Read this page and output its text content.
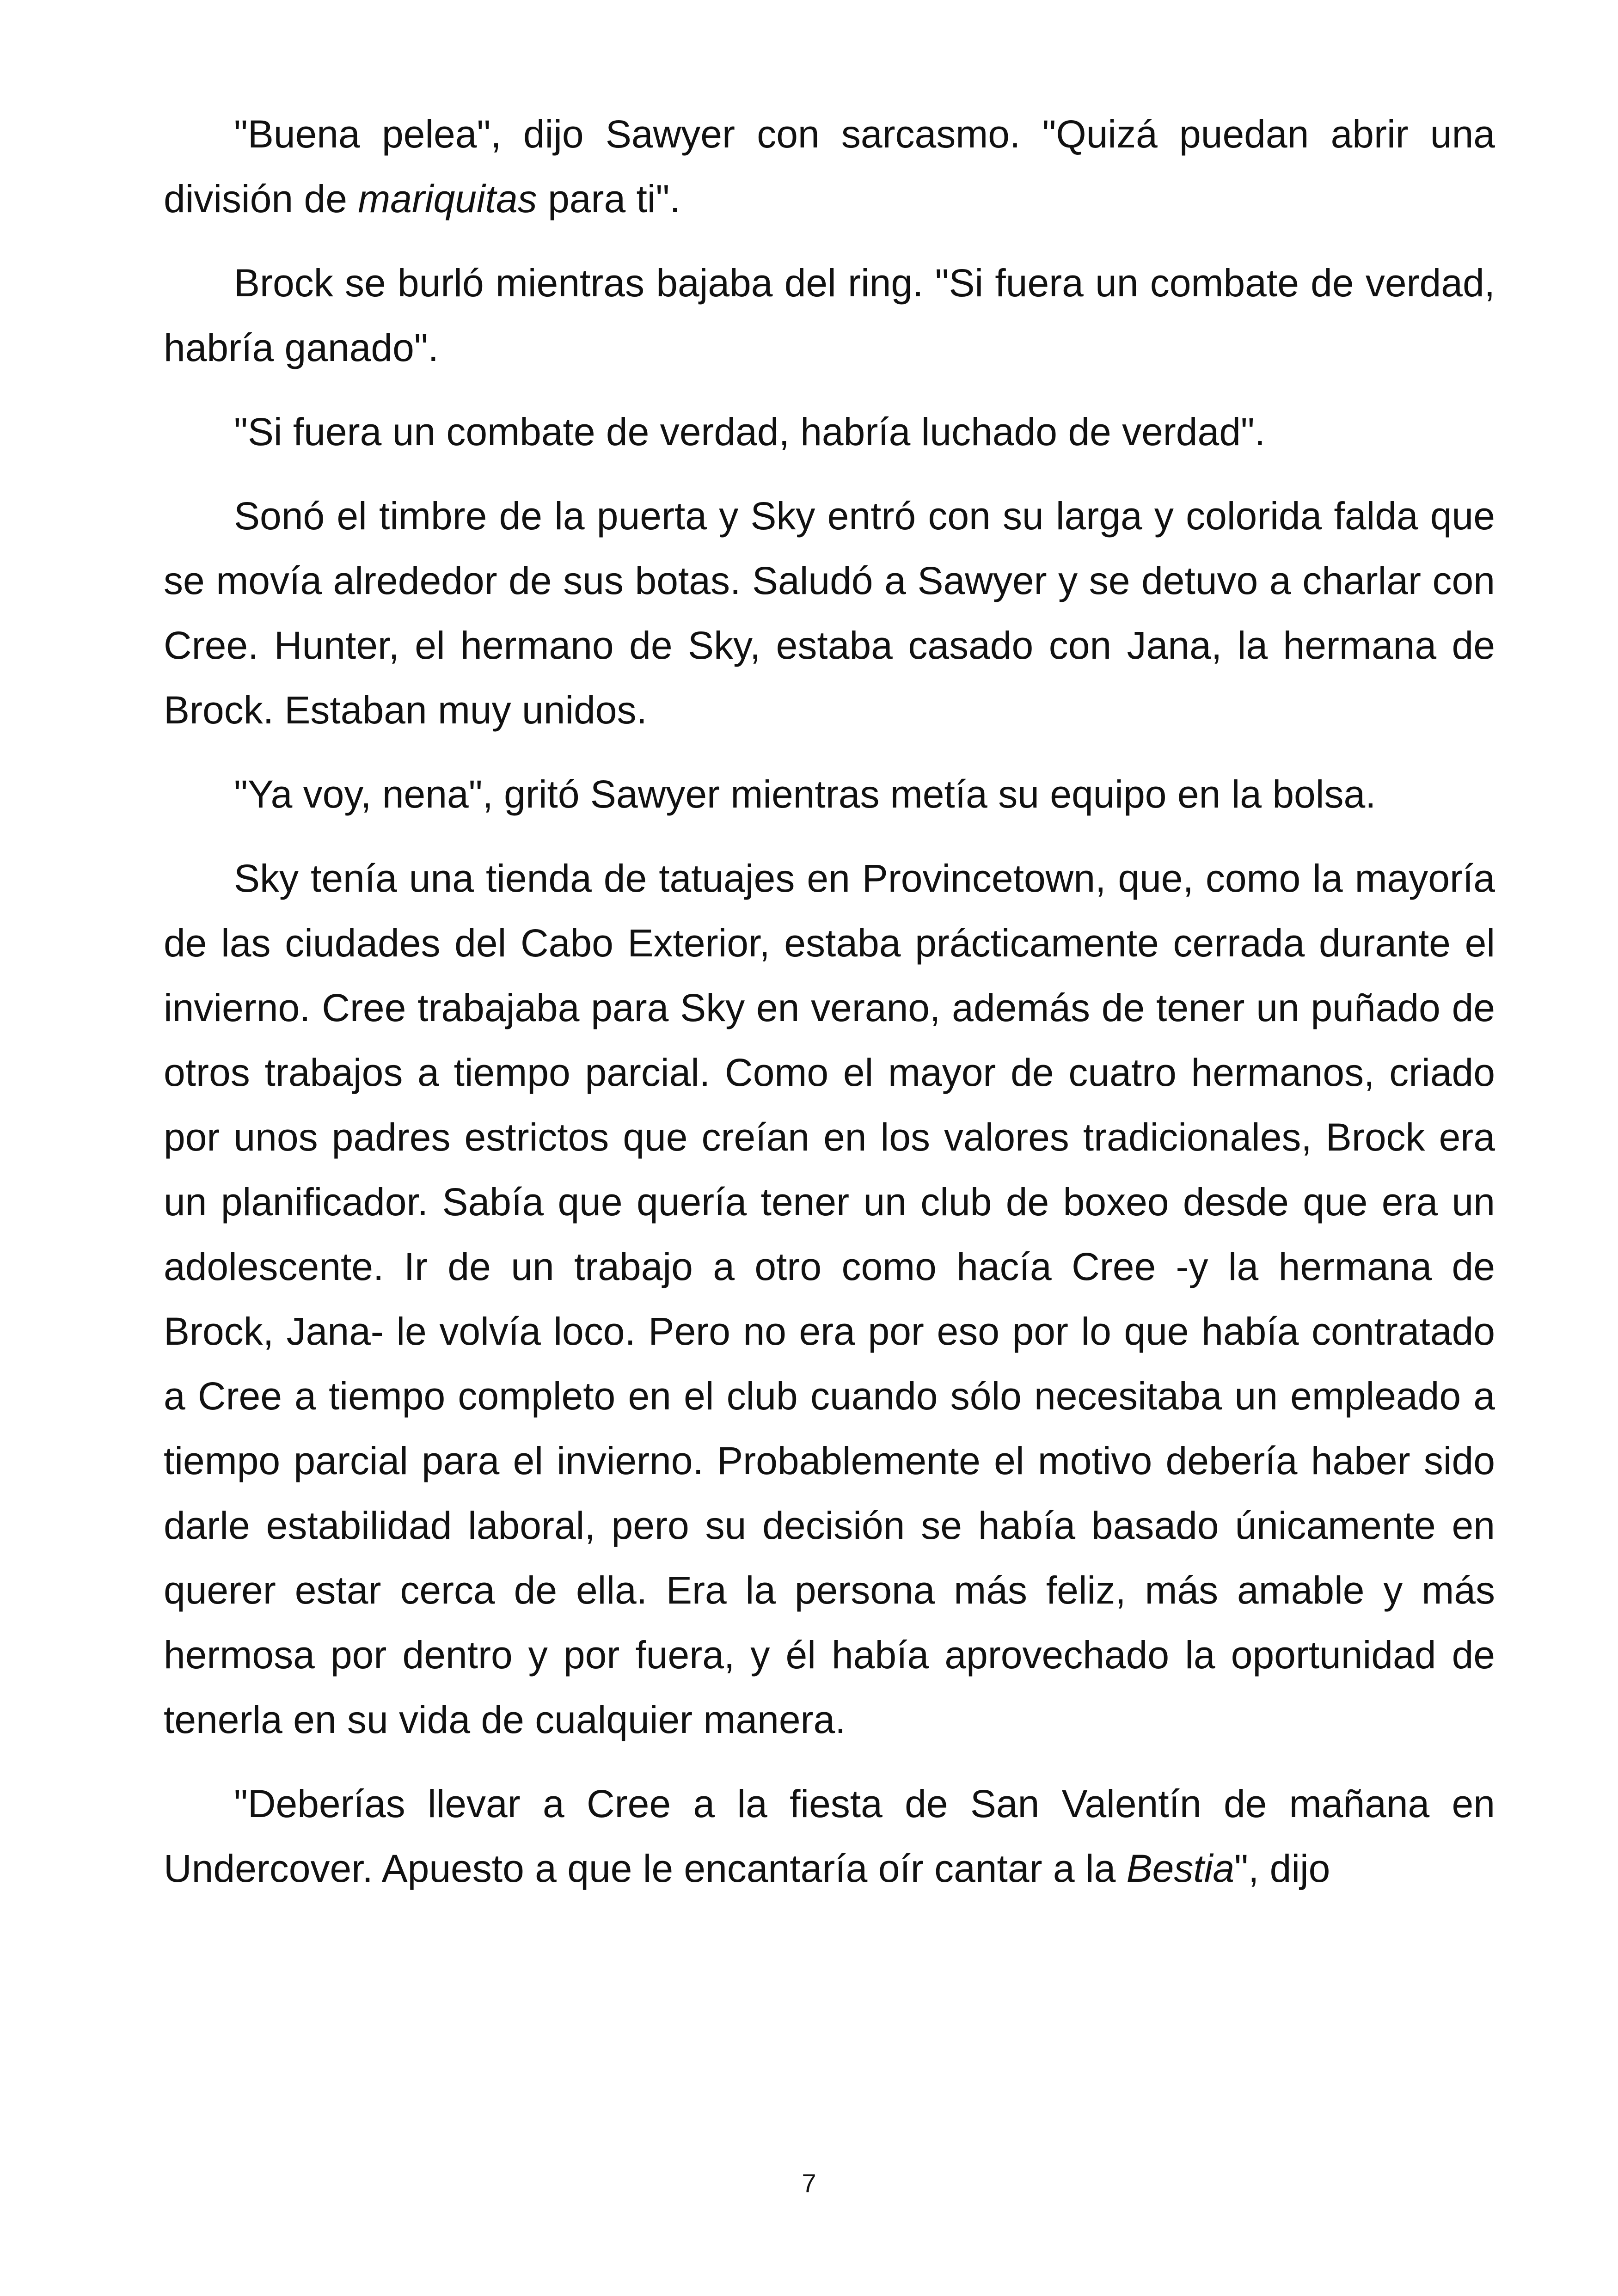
"Buena pelea", dijo Sawyer con sarcasmo. "Quizá puedan abrir una división de mariquitas para ti".

Brock se burló mientras bajaba del ring. "Si fuera un combate de verdad, habría ganado".

"Si fuera un combate de verdad, habría luchado de verdad".

Sonó el timbre de la puerta y Sky entró con su larga y colorida falda que se movía alrededor de sus botas. Saludó a Sawyer y se detuvo a charlar con Cree. Hunter, el hermano de Sky, estaba casado con Jana, la hermana de Brock. Estaban muy unidos.

"Ya voy, nena", gritó Sawyer mientras metía su equipo en la bolsa.

Sky tenía una tienda de tatuajes en Provincetown, que, como la mayoría de las ciudades del Cabo Exterior, estaba prácticamente cerrada durante el invierno. Cree trabajaba para Sky en verano, además de tener un puñado de otros trabajos a tiempo parcial. Como el mayor de cuatro hermanos, criado por unos padres estrictos que creían en los valores tradicionales, Brock era un planificador. Sabía que quería tener un club de boxeo desde que era un adolescente. Ir de un trabajo a otro como hacía Cree -y la hermana de Brock, Jana- le volvía loco. Pero no era por eso por lo que había contratado a Cree a tiempo completo en el club cuando sólo necesitaba un empleado a tiempo parcial para el invierno. Probablemente el motivo debería haber sido darle estabilidad laboral, pero su decisión se había basado únicamente en querer estar cerca de ella. Era la persona más feliz, más amable y más hermosa por dentro y por fuera, y él había aprovechado la oportunidad de tenerla en su vida de cualquier manera.

"Deberías llevar a Cree a la fiesta de San Valentín de mañana en Undercover. Apuesto a que le encantaría oír cantar a la Bestia", dijo

7
